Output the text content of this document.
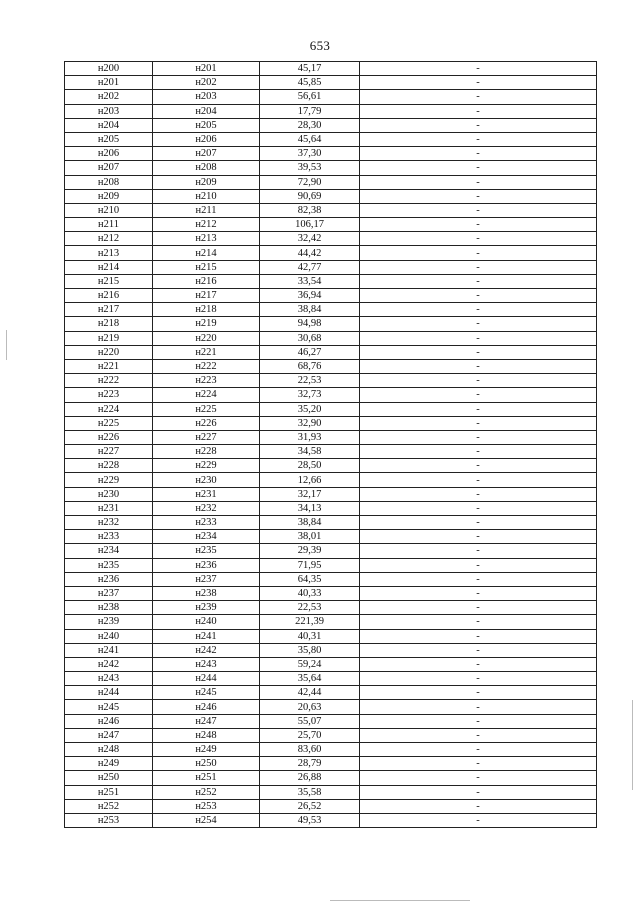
653
н200	н201	45,17	-
н201	н202	45,85	-
н202	н203	56,61	-
н203	н204	17,79	-
н204	н205	28,30	-
н205	н206	45,64	-
н206	н207	37,30	-
н207	н208	39,53	-
н208	н209	72,90	-
н209	н210	90,69	-
н210	н211	82,38	-
н211	н212	106,17	-
н212	н213	32,42	-
н213	н214	44,42	-
н214	н215	42,77	-
н215	н216	33,54	-
н216	н217	36,94	-
н217	н218	38,84	-
н218	н219	94,98	-
н219	н220	30,68	-
н220	н221	46,27	-
н221	н222	68,76	-
н222	н223	22,53	-
н223	н224	32,73	-
н224	н225	35,20	-
н225	н226	32,90	-
н226	н227	31,93	-
н227	н228	34,58	-
н228	н229	28,50	-
н229	н230	12,66	-
н230	н231	32,17	-
н231	н232	34,13	-
н232	н233	38,84	-
н233	н234	38,01	-
н234	н235	29,39	-
н235	н236	71,95	-
н236	н237	64,35	-
н237	н238	40,33	-
н238	н239	22,53	-
н239	н240	221,39	-
н240	н241	40,31	-
н241	н242	35,80	-
н242	н243	59,24	-
н243	н244	35,64	-
н244	н245	42,44	-
н245	н246	20,63	-
н246	н247	55,07	-
н247	н248	25,70	-
н248	н249	83,60	-
н249	н250	28,79	-
н250	н251	26,88	-
н251	н252	35,58	-
н252	н253	26,52	-
н253	н254	49,53	-
